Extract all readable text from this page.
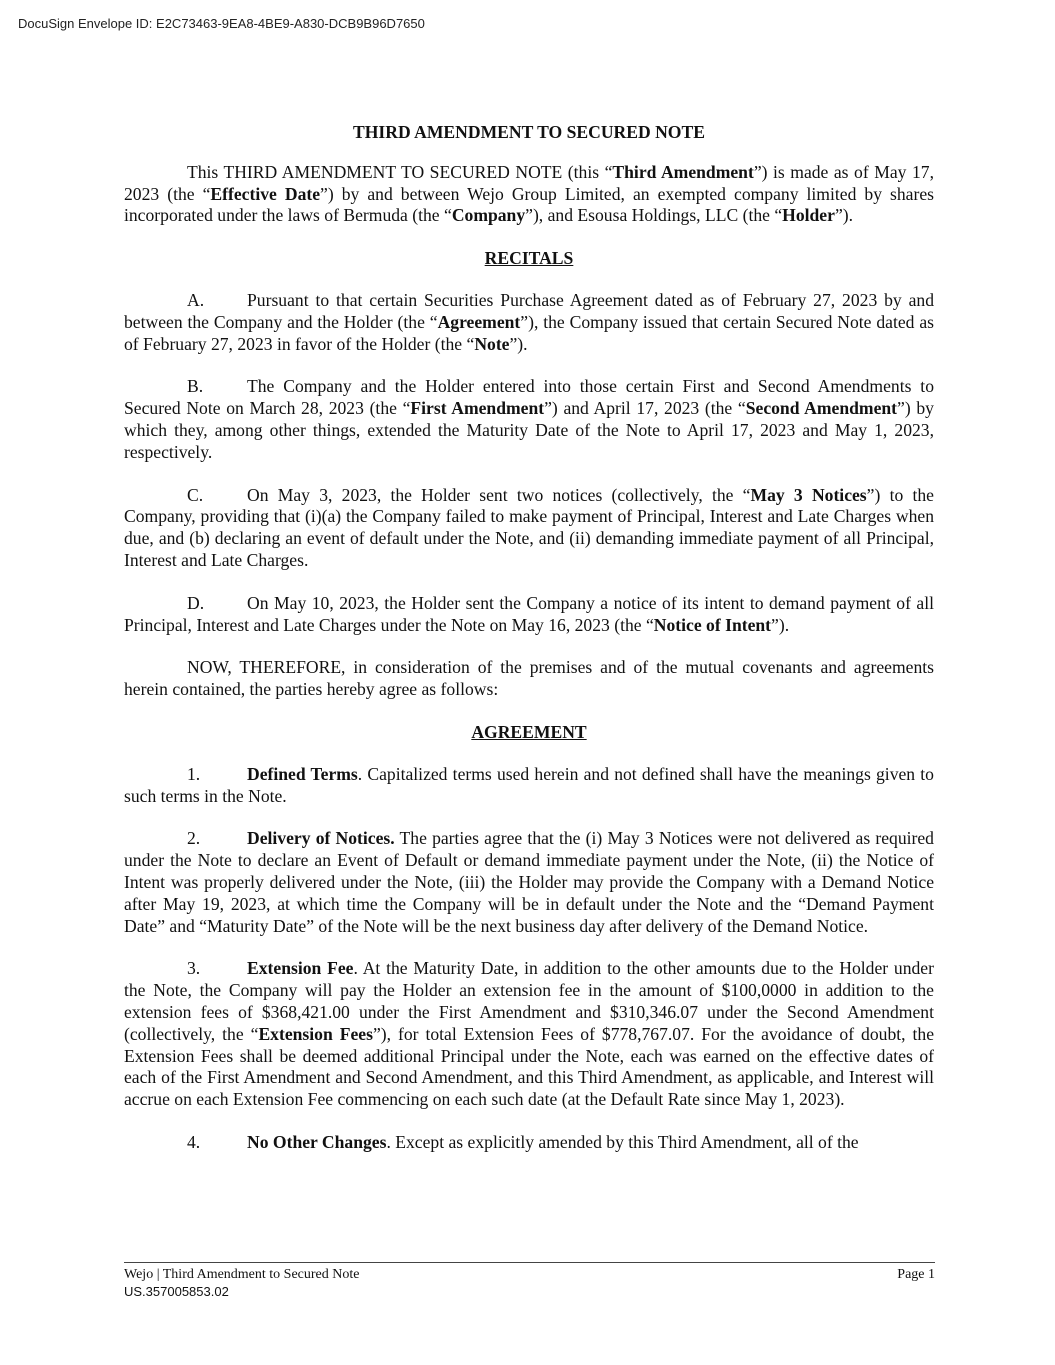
DocuSign Envelope ID: E2C73463-9EA8-4BE9-A830-DCB9B96D7650
THIRD AMENDMENT TO SECURED NOTE

This THIRD AMENDMENT TO SECURED NOTE (this “Third Amendment”) is made as of May 17, 2023 (the “Effective Date”) by and between Wejo Group Limited, an exempted company limited by shares incorporated under the laws of Bermuda (the “Company”), and Esousa Holdings, LLC (the “Holder”).

RECITALS

A. Pursuant to that certain Securities Purchase Agreement dated as of February 27, 2023 by and between the Company and the Holder (the “Agreement”), the Company issued that certain Secured Note dated as of February 27, 2023 in favor of the Holder (the “Note”).

B. The Company and the Holder entered into those certain First and Second Amendments to Secured Note on March 28, 2023 (the “First Amendment”) and April 17, 2023 (the “Second Amendment”) by which they, among other things, extended the Maturity Date of the Note to April 17, 2023 and May 1, 2023, respectively.

C. On May 3, 2023, the Holder sent two notices (collectively, the “May 3 Notices”) to the Company, providing that (i)(a) the Company failed to make payment of Principal, Interest and Late Charges when due, and (b) declaring an event of default under the Note, and (ii) demanding immediate payment of all Principal, Interest and Late Charges.

D. On May 10, 2023, the Holder sent the Company a notice of its intent to demand payment of all Principal, Interest and Late Charges under the Note on May 16, 2023 (the “Notice of Intent”).

NOW, THEREFORE, in consideration of the premises and of the mutual covenants and agreements herein contained, the parties hereby agree as follows:

AGREEMENT

1.	Defined Terms. Capitalized terms used herein and not defined shall have the meanings given to such terms in the Note.

2.	Delivery of Notices. The parties agree that the (i) May 3 Notices were not delivered as required under the Note to declare an Event of Default or demand immediate payment under the Note, (ii) the Notice of Intent was properly delivered under the Note, (iii) the Holder may provide the Company with a Demand Notice after May 19, 2023, at which time the Company will be in default under the Note and the “Demand Payment Date” and “Maturity Date” of the Note will be the next business day after delivery of the Demand Notice.

3.	Extension Fee. At the Maturity Date, in addition to the other amounts due to the Holder under the Note, the Company will pay the Holder an extension fee in the amount of $100,0000 in addition to the extension fees of $368,421.00 under the First Amendment and $310,346.07 under the Second Amendment (collectively, the “Extension Fees”), for total Extension Fees of $778,767.07. For the avoidance of doubt, the Extension Fees shall be deemed additional Principal under the Note, each was earned on the effective dates of each of the First Amendment and Second Amendment, and this Third Amendment, as applicable, and Interest will accrue on each Extension Fee commencing on each such date (at the Default Rate since May 1, 2023).

4.	No Other Changes. Except as explicitly amended by this Third Amendment, all of the

Wejo | Third Amendment to Secured Note	Page 1
US.357005853.02
